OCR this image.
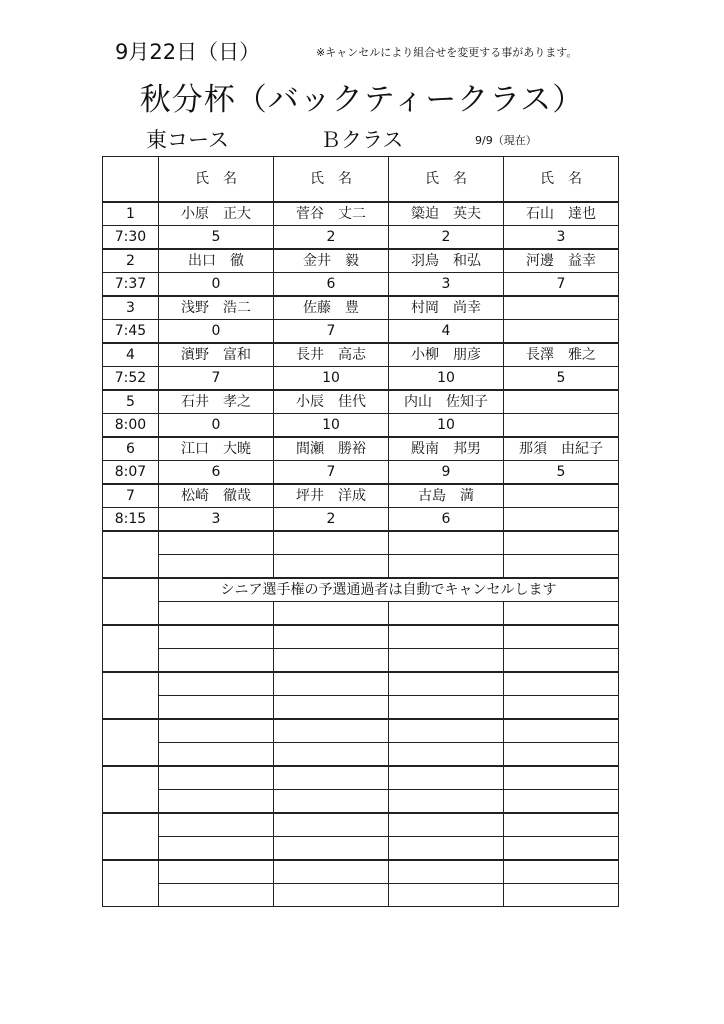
9月22日（日）	※キャンセルにより組合せを変更する事があります。
秋分杯（バックティークラス）
東コース	Ｂクラス	9/9（現在）
	氏　名	氏　名	氏　名	氏　名
1	小原　正大	菅谷　丈二	簗迫　英夫	石山　達也
7:30	5	2	2	3
2	出口　徹	金井　毅	羽鳥　和弘	河邊　益幸
7:37	0	6	3	7
3	浅野　浩二	佐藤　豊	村岡　尚幸	
7:45	0	7	4	
4	濱野　富和	長井　高志	小柳　朋彦	長澤　雅之
7:52	7	10	10	5
5	石井　孝之	小辰　佳代	内山　佐知子	
8:00	0	10	10	
6	江口　大暁	間瀬　勝裕	殿南　邦男	那須　由紀子
8:07	6	7	9	5
7	松崎　徹哉	坪井　洋成	古島　満	
8:15	3	2	6	

	シニア選手権の予選通過者は自動でキャンセルします			
